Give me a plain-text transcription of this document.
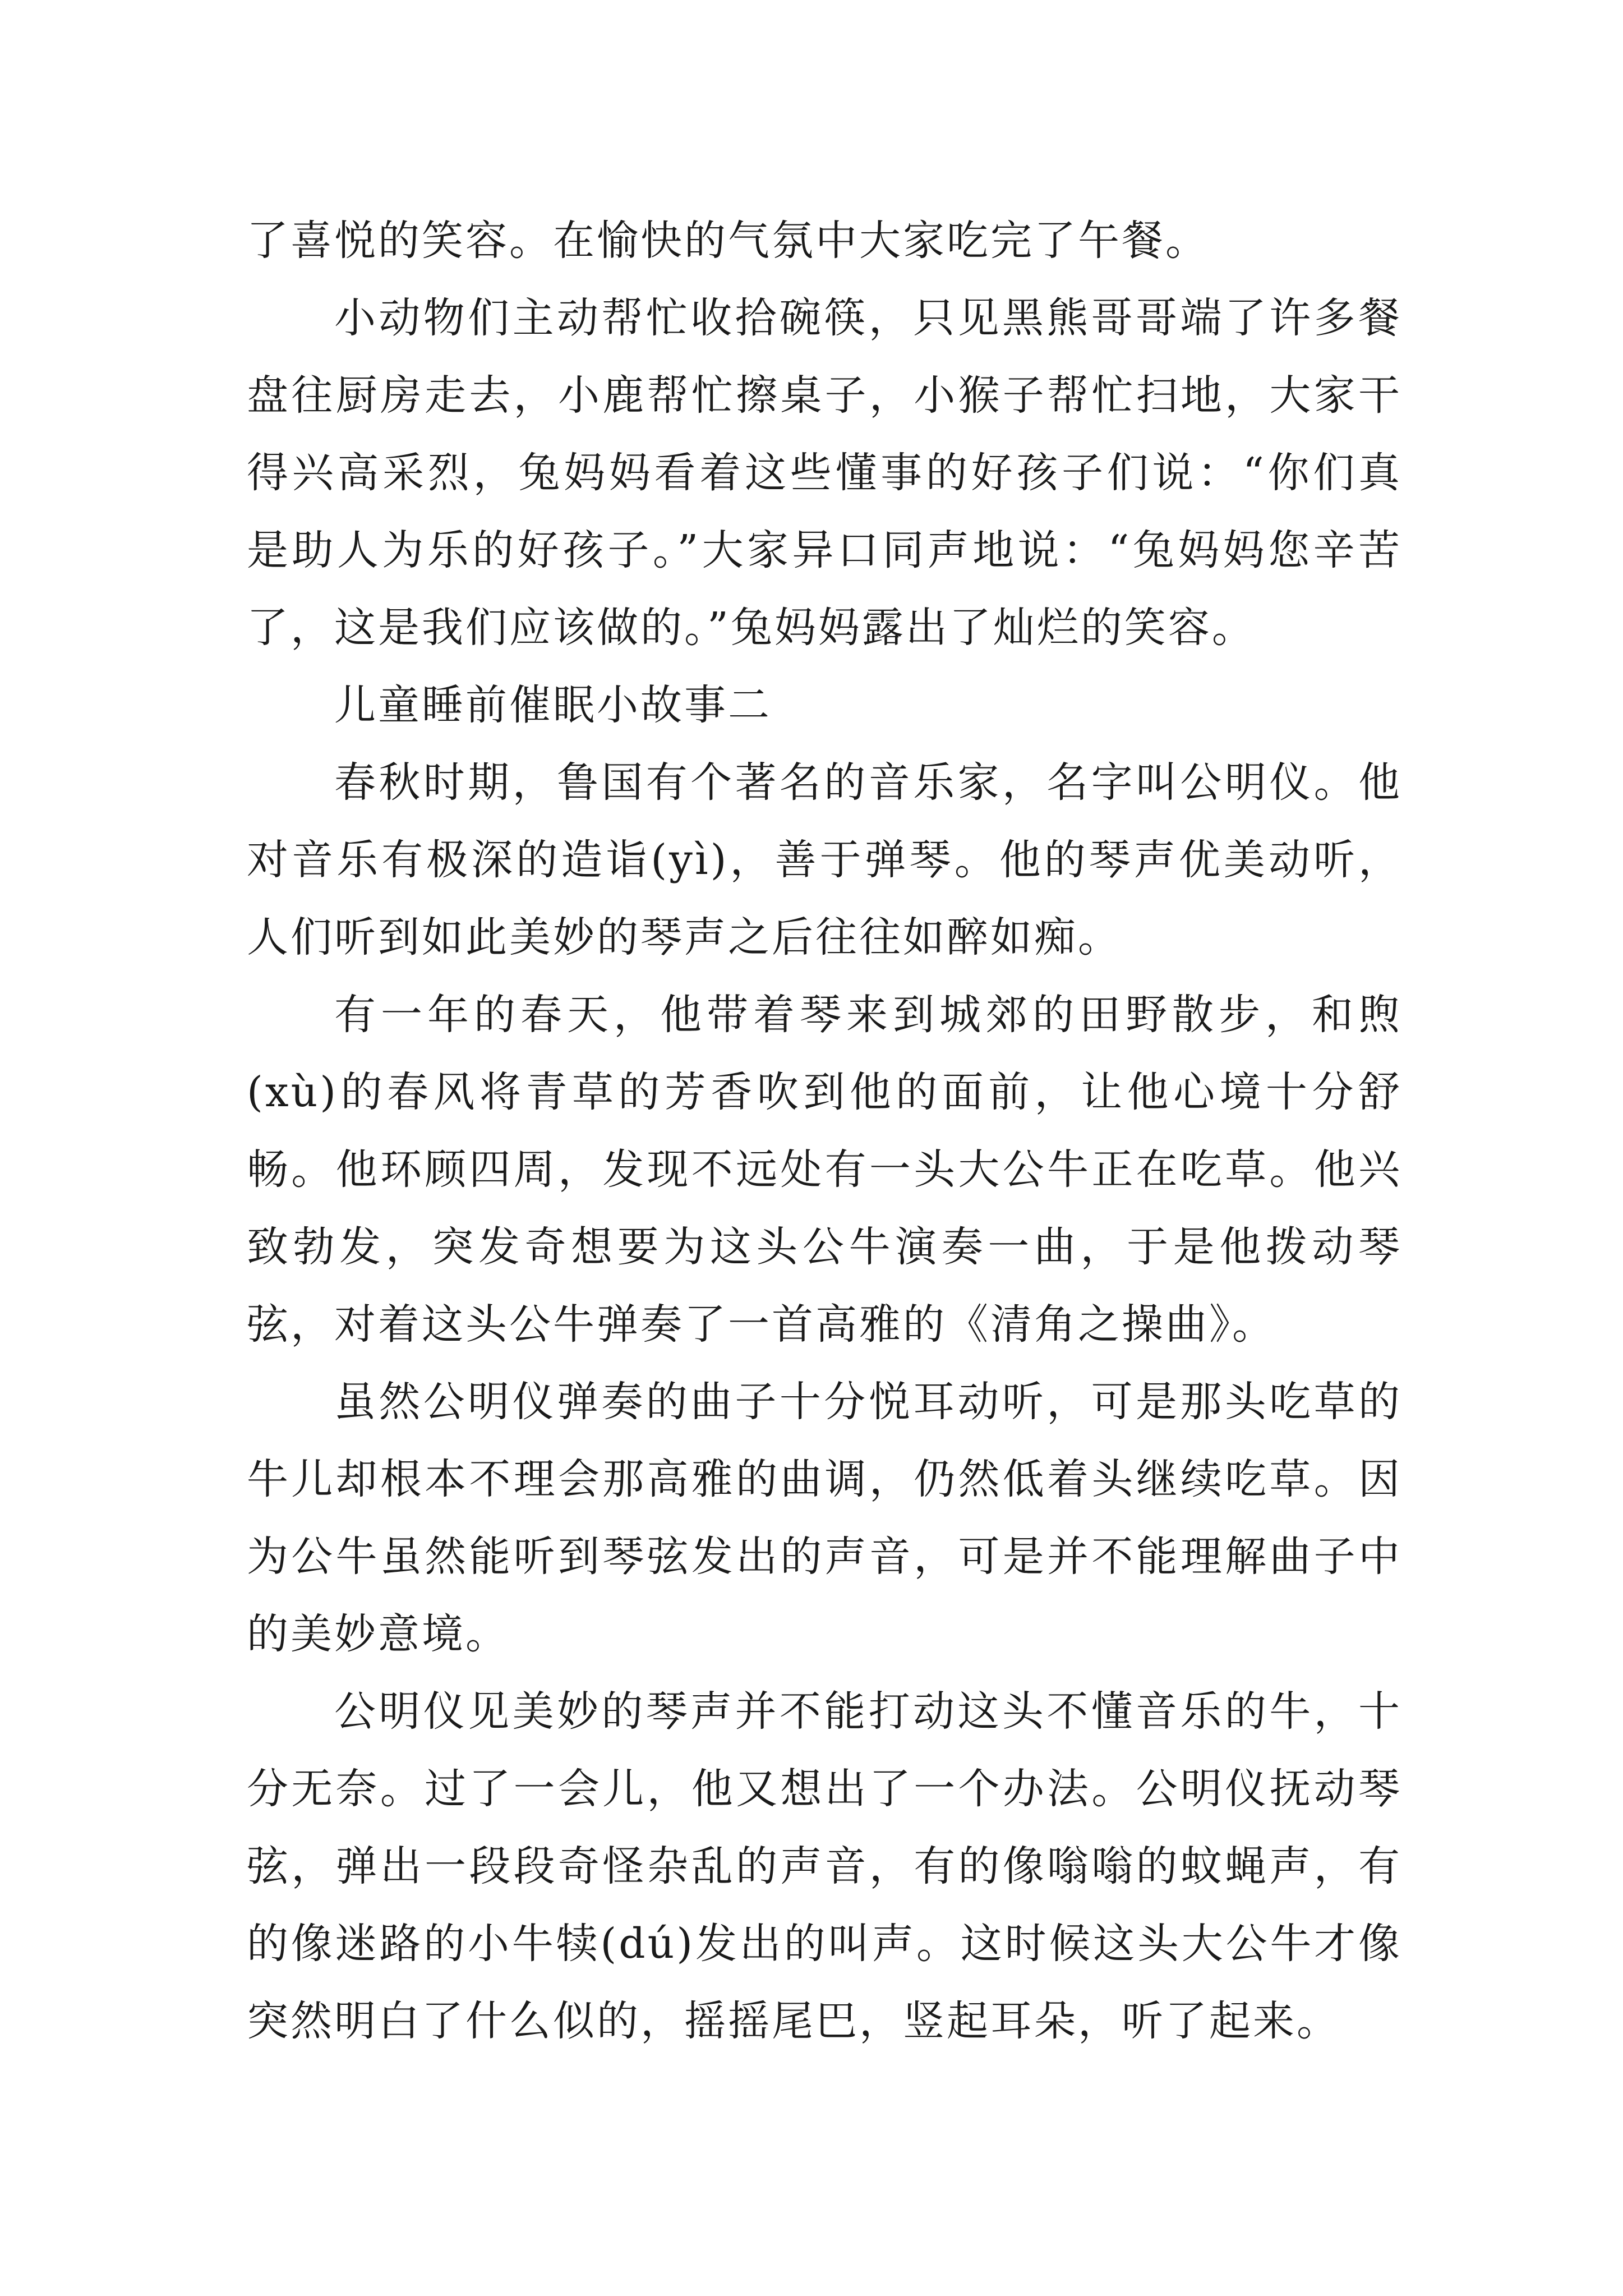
了喜悦的笑容。在愉快的气氛中大家吃完了午餐。

小动物们主动帮忙收拾碗筷，只见黑熊哥哥端了许多餐盘往厨房走去，小鹿帮忙擦桌子，小猴子帮忙扫地，大家干得兴高采烈，兔妈妈看着这些懂事的好孩子们说：“你们真是助人为乐的好孩子。”大家异口同声地说：“兔妈妈您辛苦了，这是我们应该做的。”兔妈妈露出了灿烂的笑容。

儿童睡前催眠小故事二

春秋时期，鲁国有个著名的音乐家，名字叫公明仪。他对音乐有极深的造诣(yì)，善于弹琴。他的琴声优美动听，人们听到如此美妙的琴声之后往往如醉如痴。

有一年的春天，他带着琴来到城郊的田野散步，和煦(xù)的春风将青草的芳香吹到他的面前，让他心境十分舒畅。他环顾四周，发现不远处有一头大公牛正在吃草。他兴致勃发，突发奇想要为这头公牛演奏一曲，于是他拨动琴弦，对着这头公牛弹奏了一首高雅的《清角之操曲》。

虽然公明仪弹奏的曲子十分悦耳动听，可是那头吃草的牛儿却根本不理会那高雅的曲调，仍然低着头继续吃草。因为公牛虽然能听到琴弦发出的声音，可是并不能理解曲子中的美妙意境。

公明仪见美妙的琴声并不能打动这头不懂音乐的牛，十分无奈。过了一会儿，他又想出了一个办法。公明仪抚动琴弦，弹出一段段奇怪杂乱的声音，有的像嗡嗡的蚊蝇声，有的像迷路的小牛犊(dú)发出的叫声。这时候这头大公牛才像突然明白了什么似的，摇摇尾巴，竖起耳朵，听了起来。
